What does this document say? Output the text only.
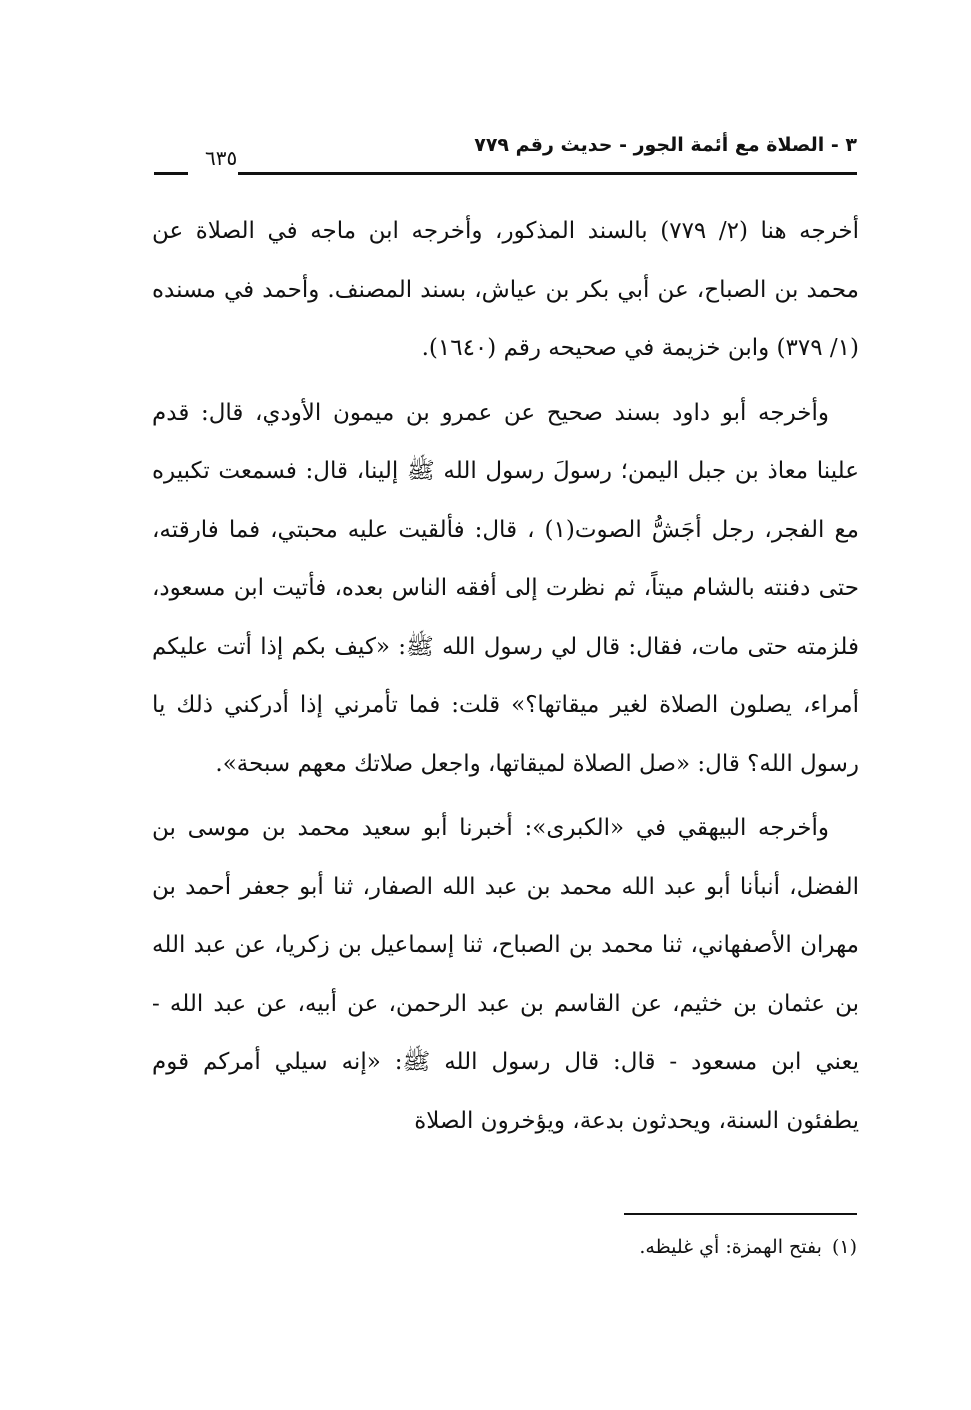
٣ - الصلاة مع أئمة الجور - حديث رقم ٧٧٩
٦٣٥

أخرجه هنا (٢/ ٧٧٩) بالسند المذكور، وأخرجه ابن ماجه في الصلاة عن محمد بن الصباح، عن أبي بكر بن عياش، بسند المصنف. وأحمد في مسنده (١/ ٣٧٩) وابن خزيمة في صحيحه رقم (١٦٤٠).

وأخرجه أبو داود بسند صحيح عن عمرو بن ميمون الأودي، قال: قدم علينا معاذ بن جبل اليمن؛ رسولَ رسول الله ﷺ إلينا، قال: فسمعت تكبيره مع الفجر، رجل أجَشُّ الصوت(١) ، قال: فألقيت عليه محبتي، فما فارقته، حتى دفنته بالشام ميتاً، ثم نظرت إلى أفقه الناس بعده، فأتيت ابن مسعود، فلزمته حتى مات، فقال: قال لي رسول الله ﷺ: «كيف بكم إذا أتت عليكم أمراء، يصلون الصلاة لغير ميقاتها؟» قلت: فما تأمرني إذا أدركني ذلك يا رسول الله؟ قال: «صل الصلاة لميقاتها، واجعل صلاتك معهم سبحة».

وأخرجه البيهقي في «الكبرى»: أخبرنا أبو سعيد محمد بن موسى بن الفضل، أنبأنا أبو عبد الله محمد بن عبد الله الصفار، ثنا أبو جعفر أحمد بن مهران الأصفهاني، ثنا محمد بن الصباح، ثنا إسماعيل بن زكريا، عن عبد الله بن عثمان بن خثيم، عن القاسم بن عبد الرحمن، عن أبيه، عن عبد الله - يعني ابن مسعود - قال: قال رسول الله ﷺ: «إنه سيلي أمركم قوم يطفئون السنة، ويحدثون بدعة، ويؤخرون الصلاة

(١)بفتح الهمزة: أي غليظه.
